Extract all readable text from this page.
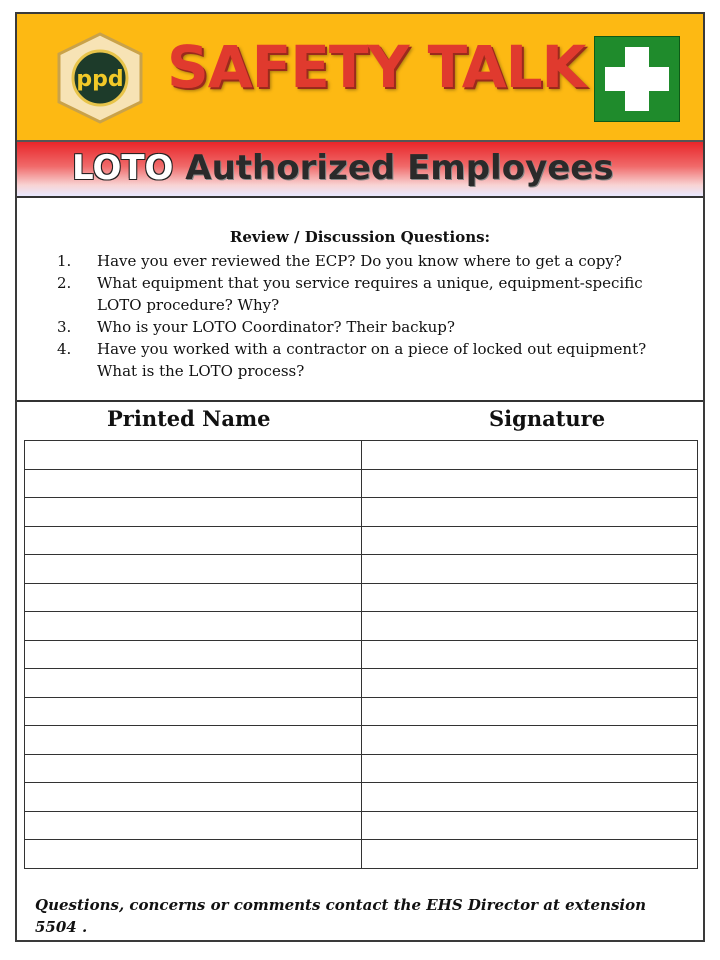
ppd SAFETY TALK
LOTO Authorized Employees
Review / Discussion Questions:
1. Have you ever reviewed the ECP? Do you know where to get a copy?
2. What equipment that you service requires a unique, equipment-specific LOTO procedure? Why?
3. Who is your LOTO Coordinator? Their backup?
4. Have you worked with a contractor on a piece of locked out equipment? What is the LOTO process?
Printed Name	Signature

Questions, concerns or comments contact the EHS Director at extension 5504 .
